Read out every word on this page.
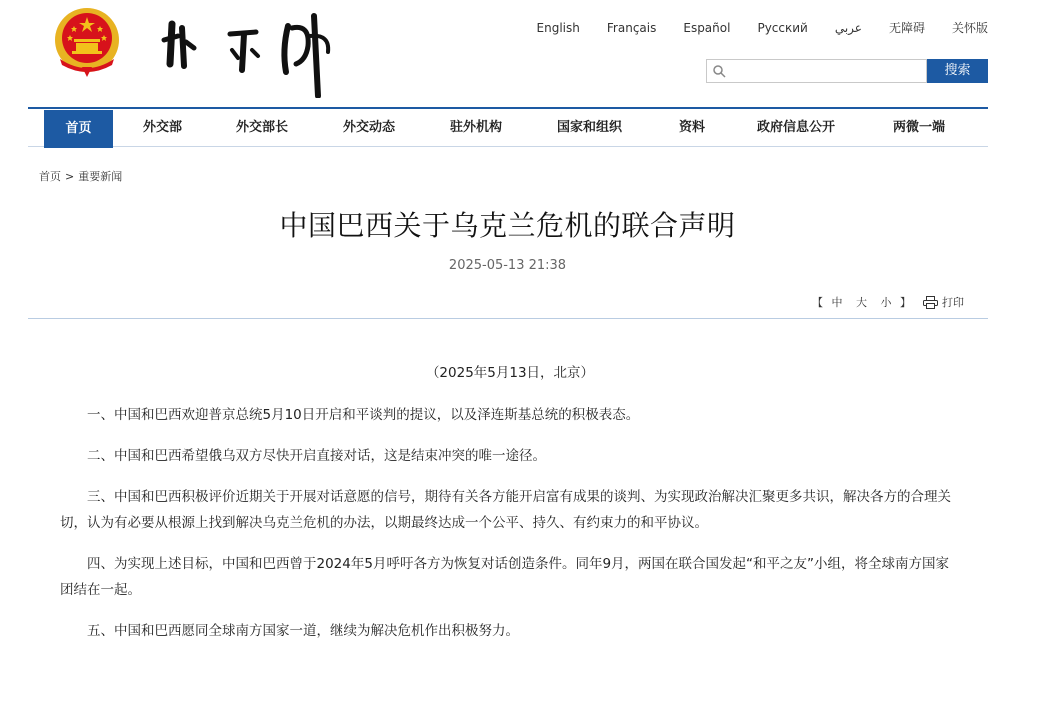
English Français Español Русский عربي 无障碍 关怀版
搜索
首页	外交部	外交部长	外交动态	驻外机构	国家和组织	资料	政府信息公开	两微一端
首页 > 重要新闻
中国巴西关于乌克兰危机的联合声明
2025-05-13 21:38
【 中 大 小 】	打印
（2025年5月13日，北京）

一、中国和巴西欢迎普京总统5月10日开启和平谈判的提议，以及泽连斯基总统的积极表态。

二、中国和巴西希望俄乌双方尽快开启直接对话，这是结束冲突的唯一途径。

三、中国和巴西积极评价近期关于开展对话意愿的信号，期待有关各方能开启富有成果的谈判、为实现政治解决汇聚更多共识，解决各方的合理关切，认为有必要从根源上找到解决乌克兰危机的办法，以期最终达成一个公平、持久、有约束力的和平协议。

四、为实现上述目标，中国和巴西曾于2024年5月呼吁各方为恢复对话创造条件。同年9月，两国在联合国发起“和平之友”小组，将全球南方国家团结在一起。

五、中国和巴西愿同全球南方国家一道，继续为解决危机作出积极努力。
